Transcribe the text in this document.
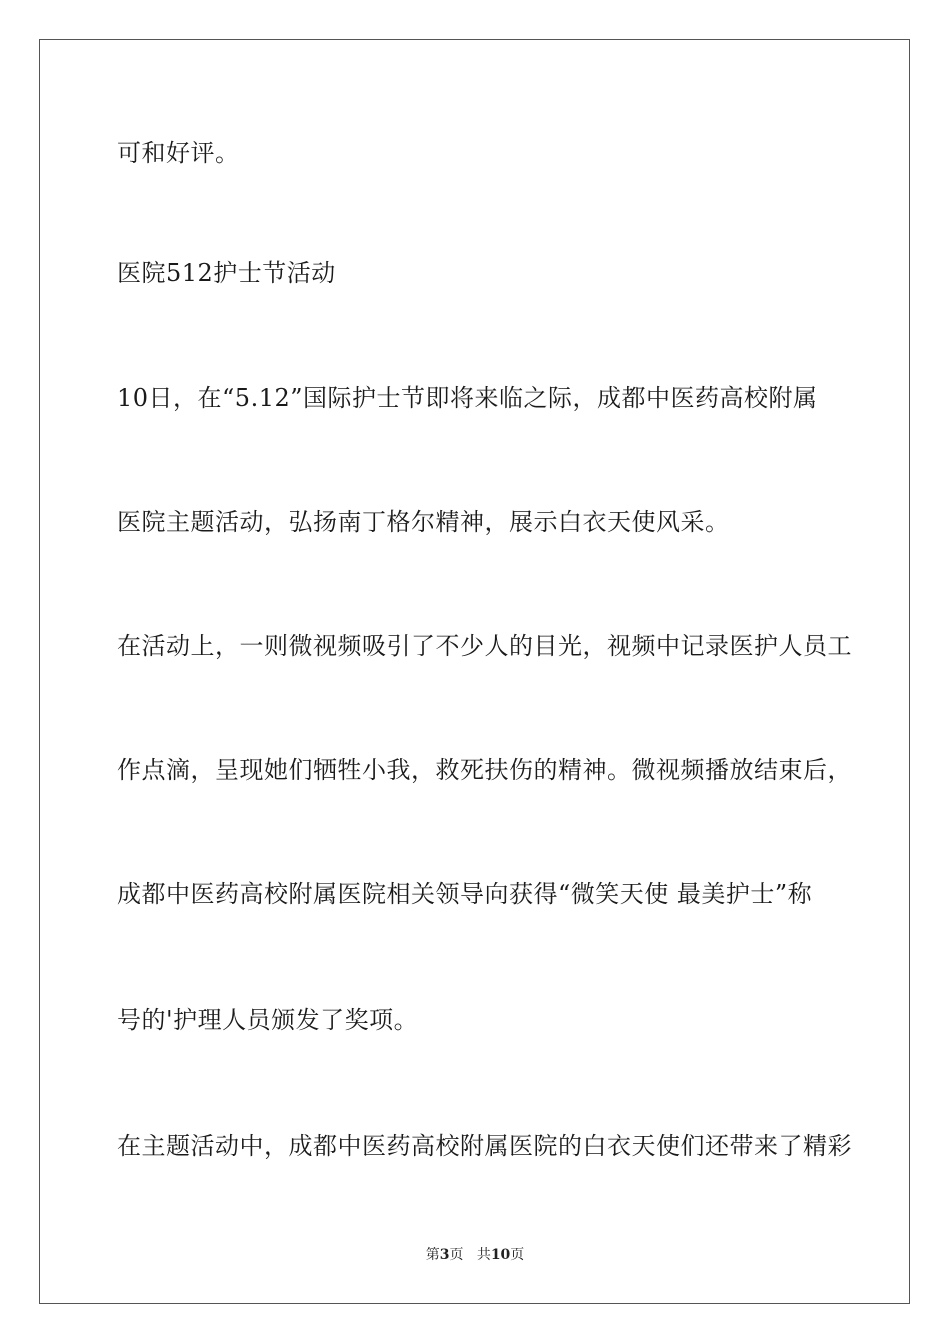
可和好评。
医院512护士节活动
10日，在“5.12”国际护士节即将来临之际，成都中医药高校附属
医院主题活动，弘扬南丁格尔精神，展示白衣天使风采。
在活动上，一则微视频吸引了不少人的目光，视频中记录医护人员工
作点滴，呈现她们牺牲小我，救死扶伤的精神。微视频播放结束后，
成都中医药高校附属医院相关领导向获得“微笑天使 最美护士”称
号的'护理人员颁发了奖项。
在主题活动中，成都中医药高校附属医院的白衣天使们还带来了精彩
第3页 共10页
